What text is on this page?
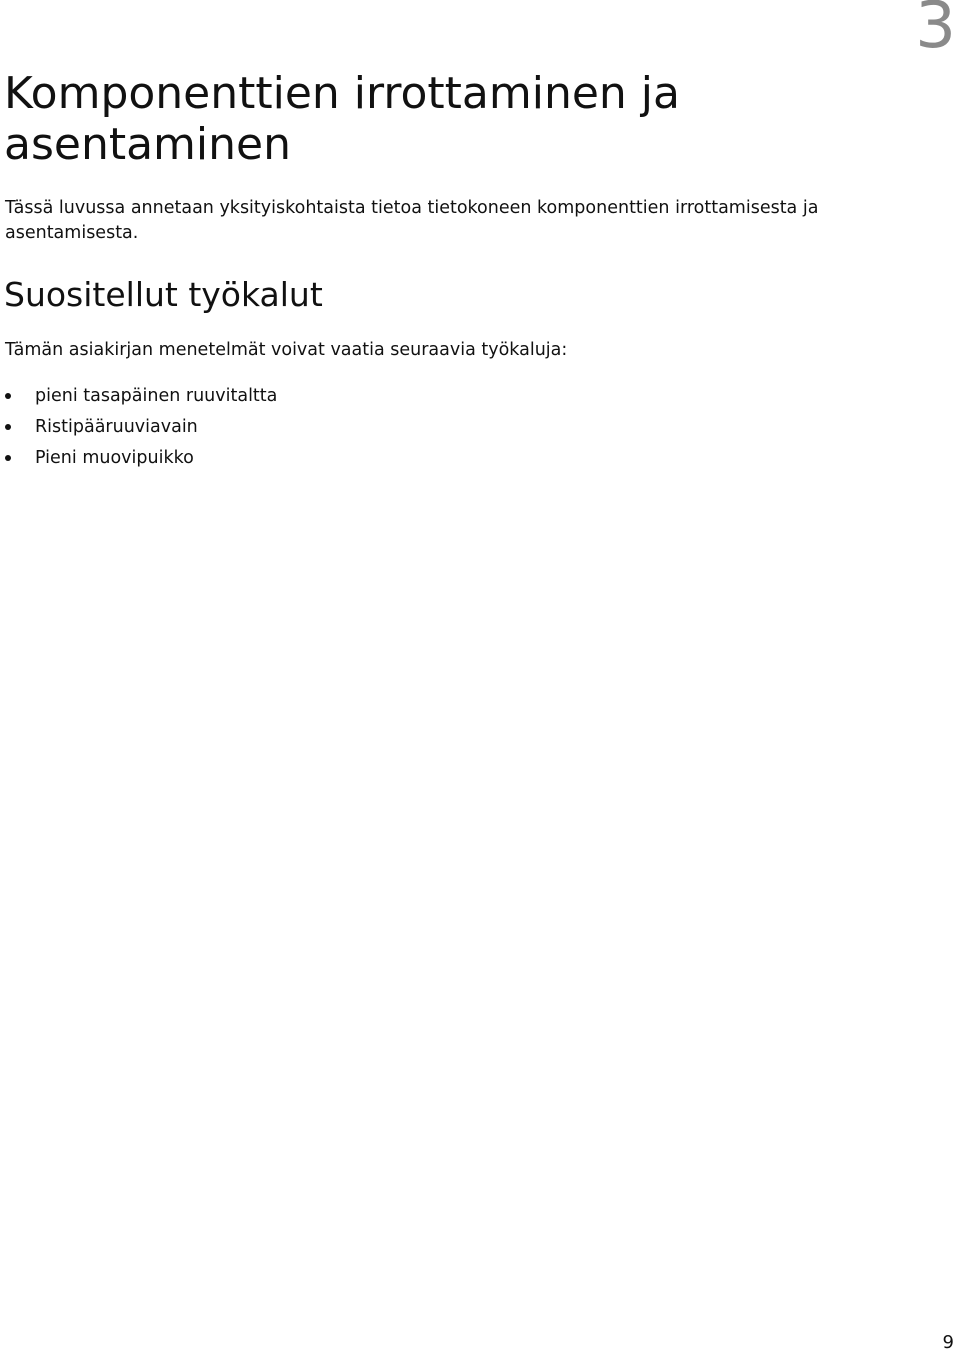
3
Komponenttien irrottaminen ja asentaminen

Tässä luvussa annetaan yksityiskohtaista tietoa tietokoneen komponenttien irrottamisesta ja asentamisesta.

Suositellut työkalut

Tämän asiakirjan menetelmät voivat vaatia seuraavia työkaluja:

pieni tasapäinen ruuvitaltta
Ristipääruuviavain
Pieni muovipuikko
9
